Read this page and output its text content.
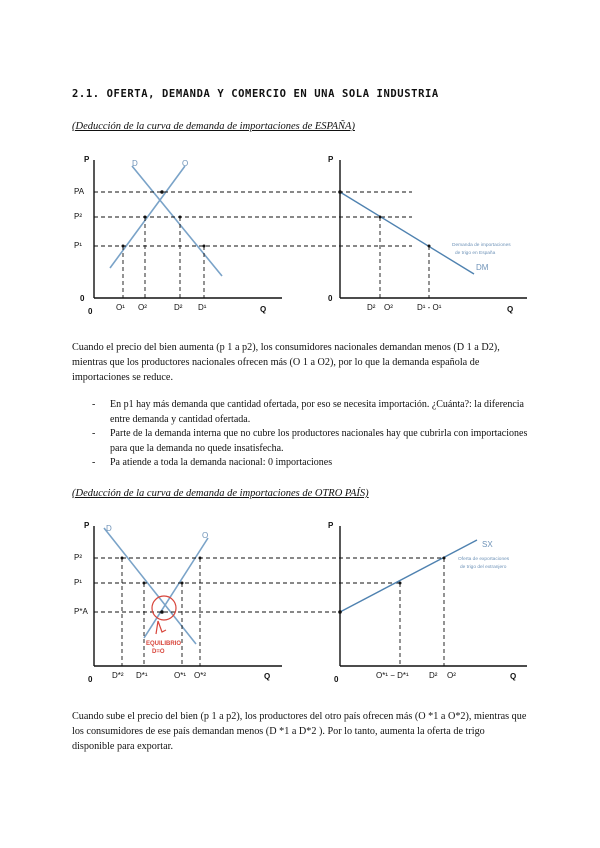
2.1. OFERTA, DEMANDA Y COMERCIO EN UNA SOLA INDUSTRIA
(Deducción de la curva de demanda de importaciones de ESPAÑA)
P
Q
0
0
D	O
PA
P²
P¹
O¹ O²	D² D¹
P
Q
0
D² O²	D¹ - O¹
Demanda de importaciones
de trigo en España
DM
Cuando el precio del bien aumenta (p 1 a p2), los consumidores nacionales demandan menos (D 1 a D2), mientras que los productores nacionales ofrecen más (O 1 a O2), por lo que la demanda española de importaciones se reduce.
- En p1 hay más demanda que cantidad ofertada, por eso se necesita importación. ¿Cuánta?: la diferencia entre demanda y cantidad ofertada.
- Parte de la demanda interna que no cubre los productores nacionales hay que cubrirla con importaciones para que la demanda no quede insatisfecha.
- Pa atiende a toda la demanda nacional: 0 importaciones
(Deducción de la curva de demanda de importaciones de OTRO PAÍS)
P
Q
0
D
O
EQUILIBRIO
D=O
P²
P¹
P*A
D*² D*¹	O*¹ O*²
P
Q
0	O*¹ − D*¹	D² O²
SX
Oferta de exportaciones
de trigo del extranjero
Cuando sube el precio del bien (p 1 a p2), los productores del otro país ofrecen más (O *1 a O*2), mientras que los consumidores de ese país demandan menos (D *1 a D*2 ). Por lo tanto, aumenta la oferta de trigo disponible para exportar.
